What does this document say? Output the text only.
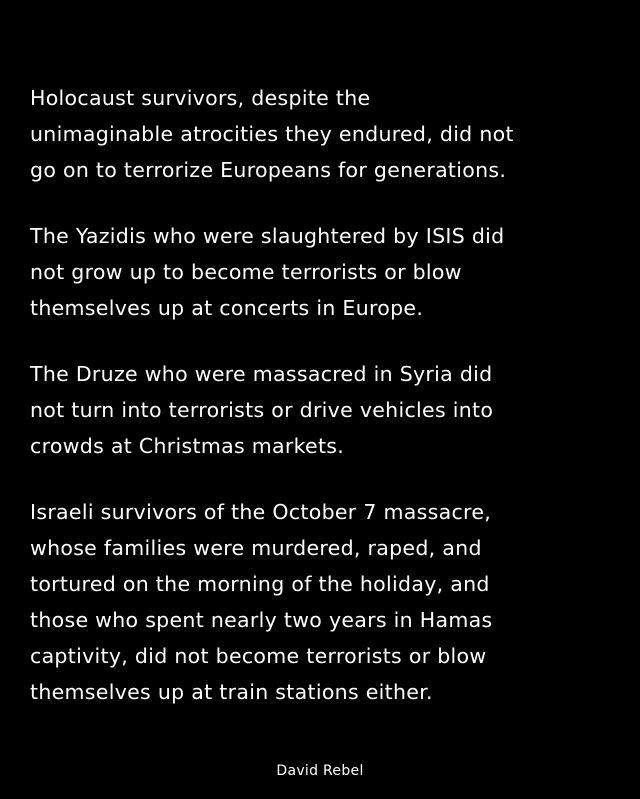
Holocaust survivors, despite the
unimaginable atrocities they endured, did not
go on to terrorize Europeans for generations.

The Yazidis who were slaughtered by ISIS did
not grow up to become terrorists or blow
themselves up at concerts in Europe.

The Druze who were massacred in Syria did
not turn into terrorists or drive vehicles into
crowds at Christmas markets.

Israeli survivors of the October 7 massacre,
whose families were murdered, raped, and
tortured on the morning of the holiday, and
those who spent nearly two years in Hamas
captivity, did not become terrorists or blow
themselves up at train stations either.

David Rebel
